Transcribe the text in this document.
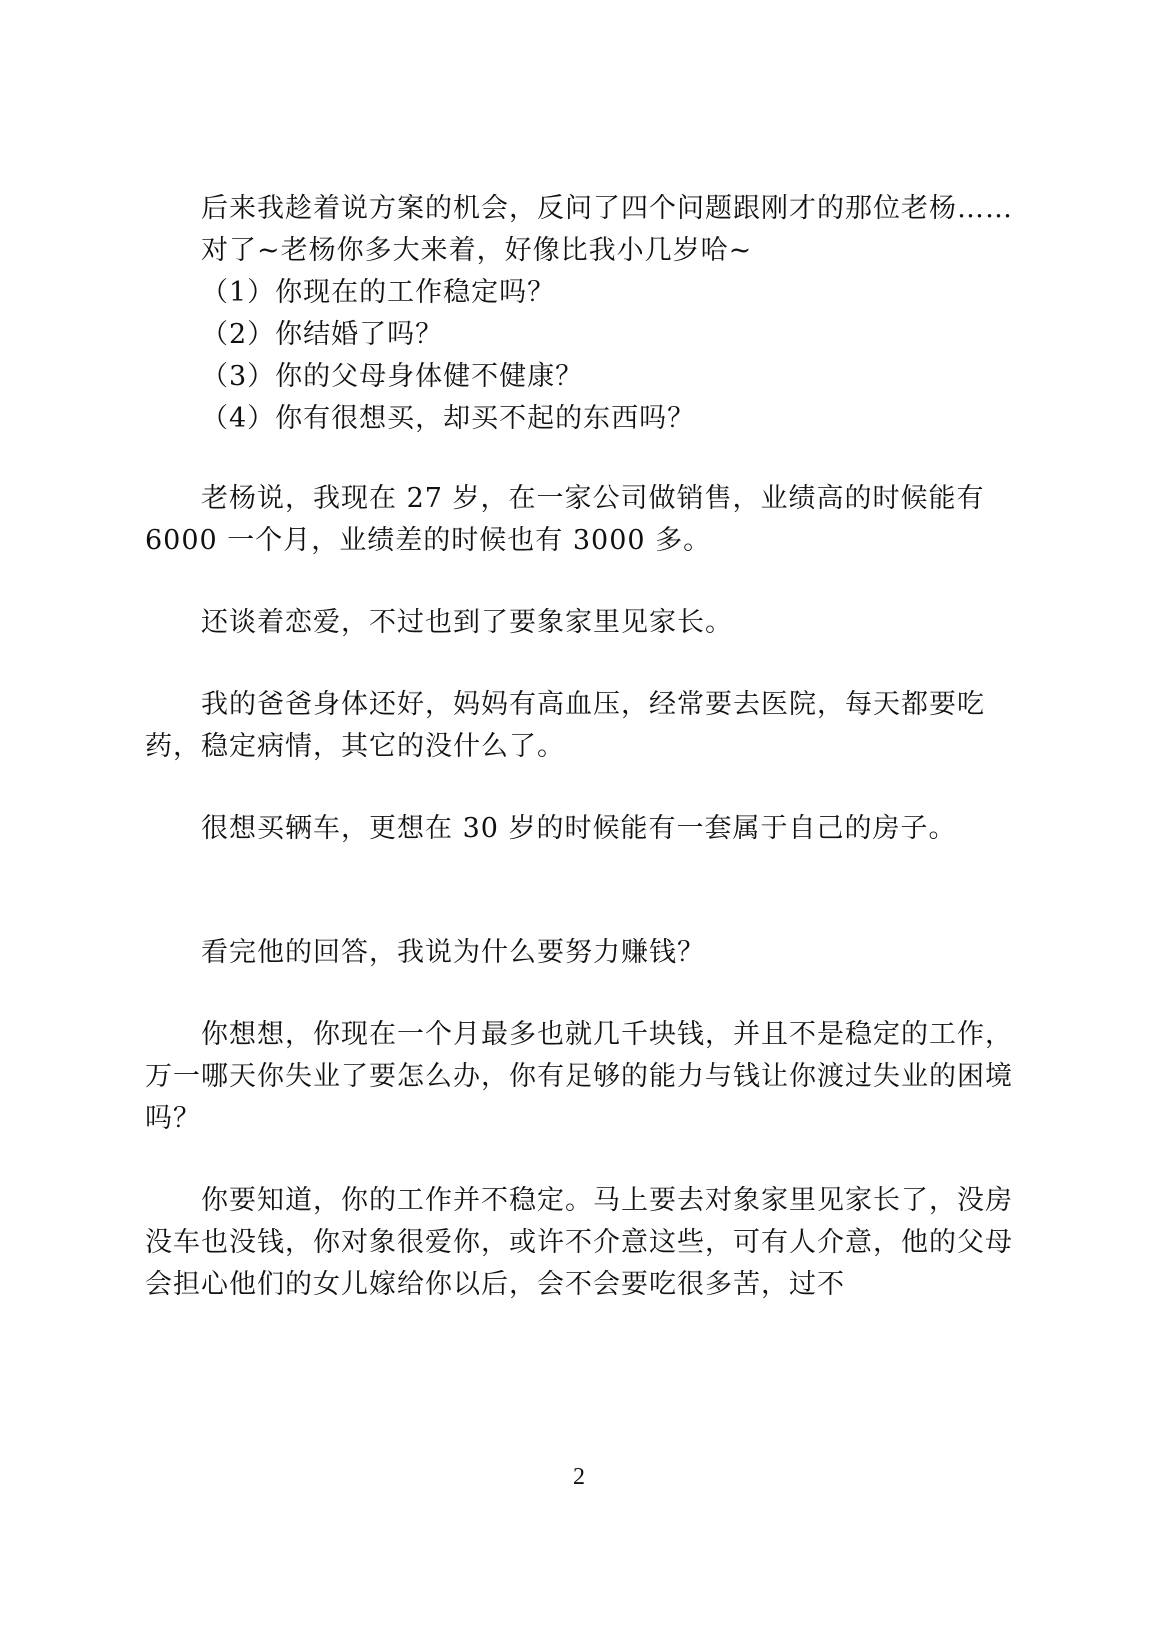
后来我趁着说方案的机会，反问了四个问题跟刚才的那位老杨……

对了~老杨你多大来着，好像比我小几岁哈~

（1）你现在的工作稳定吗？

（2）你结婚了吗？

（3）你的父母身体健不健康？

（4）你有很想买，却买不起的东西吗？

老杨说，我现在 27 岁，在一家公司做销售，业绩高的时候能有 6000 一个月，业绩差的时候也有 3000 多。

还谈着恋爱，不过也到了要象家里见家长。

我的爸爸身体还好，妈妈有高血压，经常要去医院，每天都要吃药，稳定病情，其它的没什么了。

很想买辆车，更想在 30 岁的时候能有一套属于自己的房子。

看完他的回答，我说为什么要努力赚钱？

你想想，你现在一个月最多也就几千块钱，并且不是稳定的工作，万一哪天你失业了要怎么办，你有足够的能力与钱让你渡过失业的困境吗？

你要知道，你的工作并不稳定。马上要去对象家里见家长了，没房没车也没钱，你对象很爱你，或许不介意这些，可有人介意，他的父母会担心他们的女儿嫁给你以后，会不会要吃很多苦，过不

2
